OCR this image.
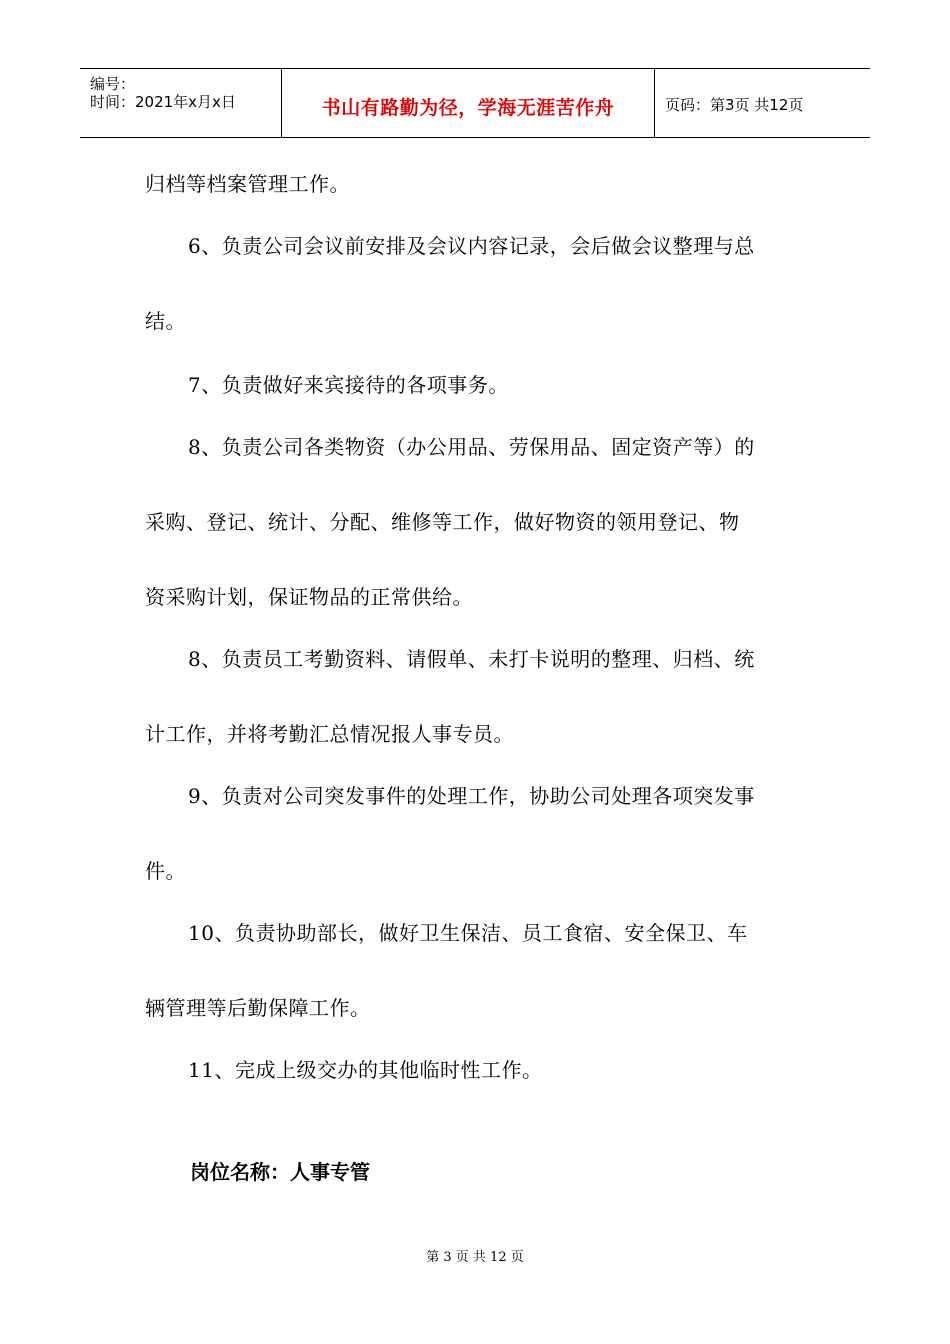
编号：
时间：2021年x月x日	书山有路勤为径，学海无涯苦作舟	页码：第3页 共12页
归档等档案管理工作。
6、负责公司会议前安排及会议内容记录，会后做会议整理与总
结。
7、负责做好来宾接待的各项事务。
8、负责公司各类物资（办公用品、劳保用品、固定资产等）的
采购、登记、统计、分配、维修等工作，做好物资的领用登记、物
资采购计划，保证物品的正常供给。
8、负责员工考勤资料、请假单、未打卡说明的整理、归档、统
计工作，并将考勤汇总情况报人事专员。
9、负责对公司突发事件的处理工作，协助公司处理各项突发事
件。
10、负责协助部长，做好卫生保洁、员工食宿、安全保卫、车
辆管理等后勤保障工作。
11、完成上级交办的其他临时性工作。
岗位名称：人事专管
第 3 页 共 12 页
